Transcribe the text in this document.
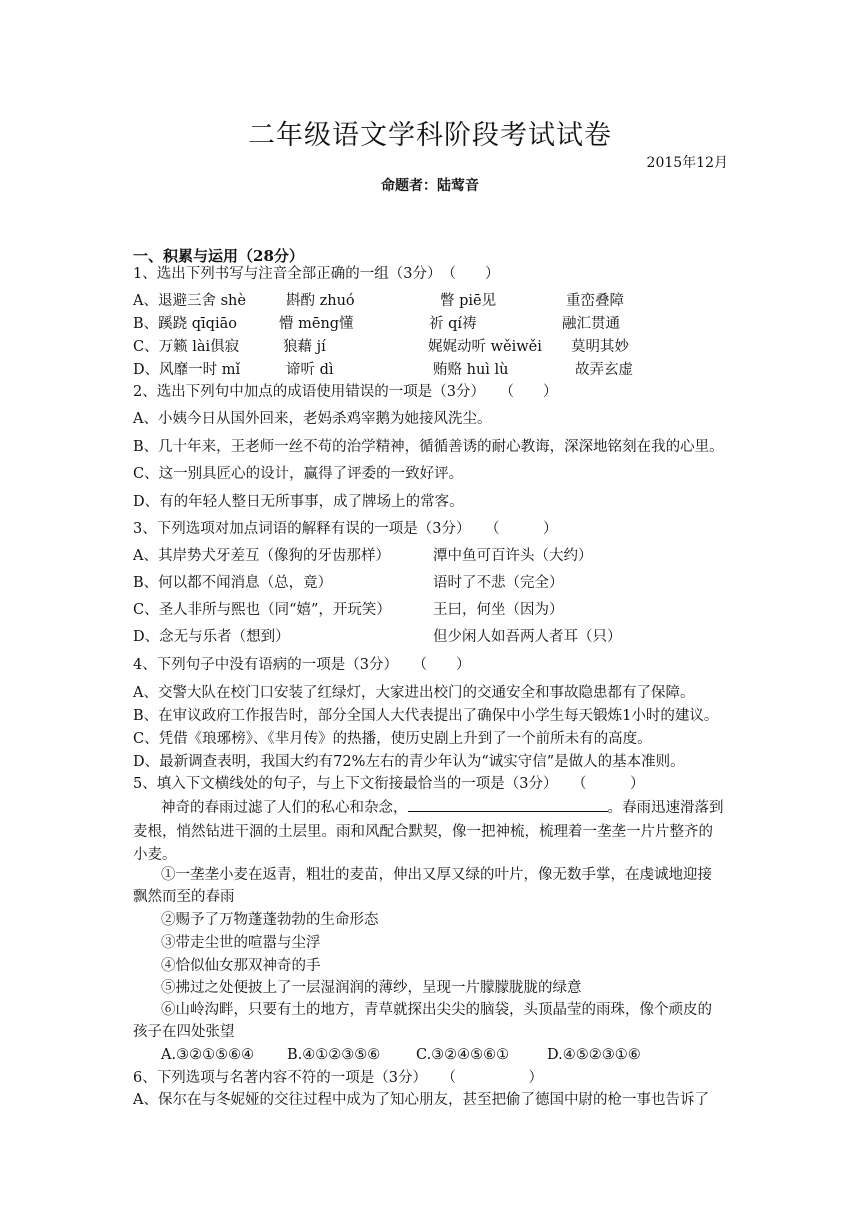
二年级语文学科阶段考试试卷
2015年12月
命题者：陆莺音
一、积累与运用（28分）
1、选出下列书写与注音全部正确的一组（3分）　（　　）
A、退避三舍 shè	斟酌 zhuó	瞥 piē见	重峦叠障
B、蹊跷 qīqiāo	懵 mēng懂	祈 qí祷	融汇贯通
C、万籁 lài俱寂	狼藉 jí	娓娓动听 wěiwěi 莫明其妙
D、风靡一时 mǐ	谛听 dì	贿赂 huì lù	故弄玄虚
2、选出下列句中加点的成语使用错误的一项是（3分）　　（　　）
A、小姨今日从国外回来，老妈杀鸡宰鹅为她接风洗尘。
B、几十年来，王老师一丝不苟的治学精神，循循善诱的耐心教诲，深深地铭刻在我的心里。
C、这一别具匠心的设计，赢得了评委的一致好评。
D、有的年轻人整日无所事事，成了牌场上的常客。
3、下列选项对加点词语的解释有误的一项是（3分）　　（　　　）
A、其岸势犬牙差互（像狗的牙齿那样）	潭中鱼可百许头（大约）
B、何以都不闻消息（总，竟）	语时了不悲（完全）
C、圣人非所与熙也（同“嬉”，开玩笑）	王曰，何坐（因为）
D、念无与乐者（想到）	但少闲人如吾两人者耳（只）
4、下列句子中没有语病的一项是（3分）　　（　　）
A、交警大队在校门口安装了红绿灯，大家进出校门的交通安全和事故隐患都有了保障。
B、在审议政府工作报告时，部分全国人大代表提出了确保中小学生每天锻炼1小时的建议。
C、凭借《琅琊榜》、《芈月传》的热播，使历史剧上升到了一个前所未有的高度。
D、最新调查表明，我国大约有72%左右的青少年认为“诚实守信”是做人的基本准则。
5、填入下文横线处的句子，与上下文衔接最恰当的一项是（3分）　　（　　　）
神奇的春雨过滤了人们的私心和杂念，	。春雨迅速滑落到
麦根，悄然钻进干涸的土层里。雨和风配合默契，像一把神梳，梳理着一垄垄一片片整齐的
小麦。
①一垄垄小麦在返青，粗壮的麦苗，伸出又厚又绿的叶片，像无数手掌，在虔诚地迎接
飘然而至的春雨
②赐予了万物蓬蓬勃勃的生命形态
③带走尘世的喧嚣与尘浮
④恰似仙女那双神奇的手
⑤拂过之处便披上了一层湿润润的薄纱，呈现一片朦朦胧胧的绿意
⑥山岭沟畔，只要有土的地方，青草就探出尖尖的脑袋，头顶晶莹的雨珠，像个顽皮的
孩子在四处张望
A.③②①⑤⑥④ B.④①②③⑤⑥ C.③②④⑤⑥①	D.④⑤②③①⑥
6、下列选项与名著内容不符的一项是（3分）　　（　　　　　）
A、保尔在与冬妮娅的交往过程中成为了知心朋友，甚至把偷了德国中尉的枪一事也告诉了
